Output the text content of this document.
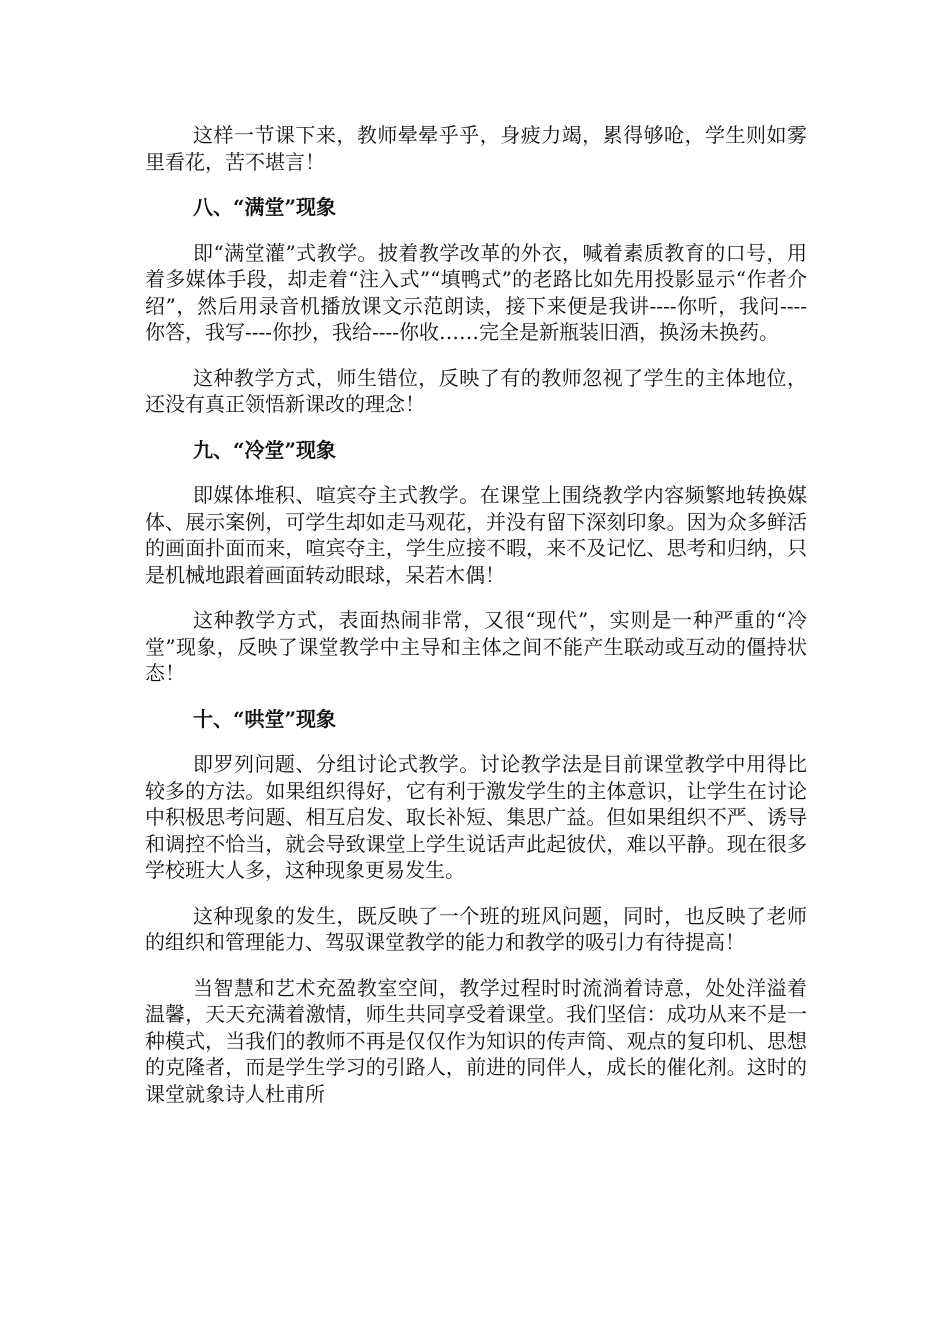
这样一节课下来，教师晕晕乎乎，身疲力竭，累得够呛，学生则如雾里看花，苦不堪言！

八、“满堂”现象

即“满堂灌”式教学。披着教学改革的外衣，喊着素质教育的口号，用着多媒体手段，却走着“注入式”“填鸭式”的老路比如先用投影显示“作者介绍”，然后用录音机播放课文示范朗读，接下来便是我讲----你听，我问----你答，我写----你抄，我给----你收……完全是新瓶装旧酒，换汤未换药。

这种教学方式，师生错位，反映了有的教师忽视了学生的主体地位，还没有真正领悟新课改的理念！

九、“冷堂”现象

即媒体堆积、喧宾夺主式教学。在课堂上围绕教学内容频繁地转换媒体、展示案例，可学生却如走马观花，并没有留下深刻印象。因为众多鲜活的画面扑面而来，喧宾夺主，学生应接不暇，来不及记忆、思考和归纳，只是机械地跟着画面转动眼球，呆若木偶！

这种教学方式，表面热闹非常，又很“现代”，实则是一种严重的“冷堂”现象，反映了课堂教学中主导和主体之间不能产生联动或互动的僵持状态！

十、“哄堂”现象

即罗列问题、分组讨论式教学。讨论教学法是目前课堂教学中用得比较多的方法。如果组织得好，它有利于激发学生的主体意识，让学生在讨论中积极思考问题、相互启发、取长补短、集思广益。但如果组织不严、诱导和调控不恰当，就会导致课堂上学生说话声此起彼伏，难以平静。现在很多学校班大人多，这种现象更易发生。

这种现象的发生，既反映了一个班的班风问题，同时，也反映了老师的组织和管理能力、驾驭课堂教学的能力和教学的吸引力有待提高！

当智慧和艺术充盈教室空间，教学过程时时流淌着诗意，处处洋溢着温馨，天天充满着激情，师生共同享受着课堂。我们坚信：成功从来不是一种模式，当我们的教师不再是仅仅作为知识的传声筒、观点的复印机、思想的克隆者，而是学生学习的引路人，前进的同伴人，成长的催化剂。这时的课堂就象诗人杜甫所
